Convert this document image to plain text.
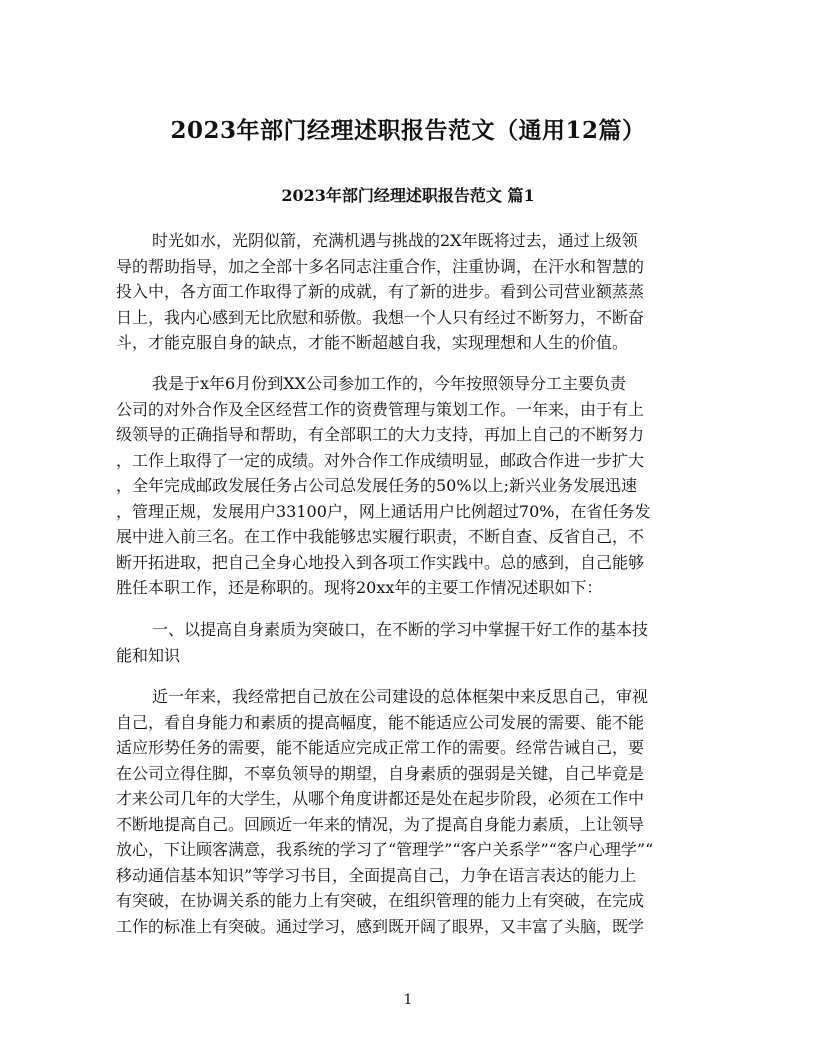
2023年部门经理述职报告范文（通用12篇）
2023年部门经理述职报告范文 篇1
时光如水，光阴似箭，充满机遇与挑战的2X年既将过去，通过上级领
导的帮助指导，加之全部十多名同志注重合作，注重协调，在汗水和智慧的
投入中，各方面工作取得了新的成就，有了新的进步。看到公司营业额蒸蒸
日上，我内心感到无比欣慰和骄傲。我想一个人只有经过不断努力，不断奋
斗，才能克服自身的缺点，才能不断超越自我，实现理想和人生的价值。
我是于x年6月份到XX公司参加工作的，今年按照领导分工主要负责
公司的对外合作及全区经营工作的资费管理与策划工作。一年来，由于有上
级领导的正确指导和帮助，有全部职工的大力支持，再加上自己的不断努力
，工作上取得了一定的成绩。对外合作工作成绩明显，邮政合作进一步扩大
，全年完成邮政发展任务占公司总发展任务的50%以上;新兴业务发展迅速
，管理正规，发展用户33100户，网上通话用户比例超过70%，在省任务发
展中进入前三名。在工作中我能够忠实履行职责，不断自查、反省自己，不
断开拓进取，把自己全身心地投入到各项工作实践中。总的感到，自己能够
胜任本职工作，还是称职的。现将20xx年的主要工作情况述职如下：
一、以提高自身素质为突破口，在不断的学习中掌握干好工作的基本技
能和知识
近一年来，我经常把自己放在公司建设的总体框架中来反思自己，审视
自己，看自身能力和素质的提高幅度，能不能适应公司发展的需要、能不能
适应形势任务的需要，能不能适应完成正常工作的需要。经常告诫自己，要
在公司立得住脚，不辜负领导的期望，自身素质的强弱是关键，自己毕竟是
才来公司几年的大学生，从哪个角度讲都还是处在起步阶段，必须在工作中
不断地提高自己。回顾近一年来的情况，为了提高自身能力素质，上让领导
放心，下让顾客满意，我系统的学习了“管理学”“客户关系学”“客户心理学”“
移动通信基本知识”等学习书目，全面提高自己，力争在语言表达的能力上
有突破，在协调关系的能力上有突破，在组织管理的能力上有突破，在完成
工作的标准上有突破。通过学习，感到既开阔了眼界，又丰富了头脑，既学
1
